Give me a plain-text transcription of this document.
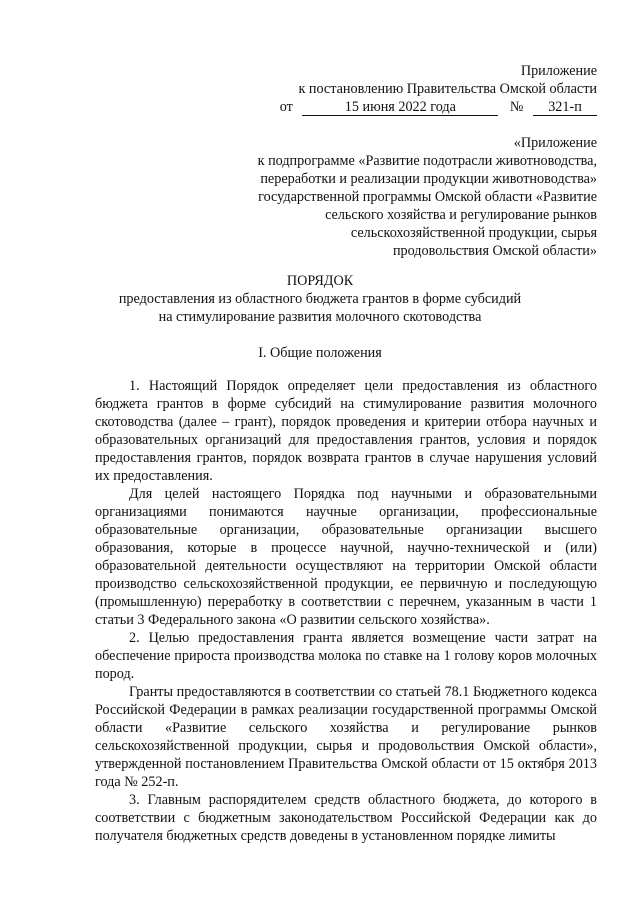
Приложение
к постановлению Правительства Омской области
от	15 июня 2022 года	№ 321-п
«Приложение
к подпрограмме «Развитие подотрасли животноводства,
переработки и реализации продукции животноводства»
государственной программы Омской области «Развитие
сельского хозяйства и регулирование рынков
сельскохозяйственной продукции, сырья
продовольствия Омской области»
ПОРЯДОК
предоставления из областного бюджета грантов в форме субсидий
на стимулирование развития молочного скотоводства
I. Общие положения

1. Настоящий Порядок определяет цели предоставления из областного бюджета грантов в форме субсидий на стимулирование развития молочного скотоводства (далее – грант), порядок проведения и критерии отбора научных и образовательных организаций для предоставления грантов, условия и порядок предоставления грантов, порядок возврата грантов в случае нарушения условий их предоставления.

Для целей настоящего Порядка под научными и образовательными организациями понимаются научные организации, профессиональные образовательные организации, образовательные организации высшего образования, которые в процессе научной, научно-технической и (или) образовательной деятельности осуществляют на территории Омской области производство сельскохозяйственной продукции, ее первичную и последующую (промышленную) переработку в соответствии с перечнем, указанным в части 1 статьи 3 Федерального закона «О развитии сельского хозяйства».

2. Целью предоставления гранта является возмещение части затрат на обеспечение прироста производства молока по ставке на 1 голову коров молочных пород.

Гранты предоставляются в соответствии со статьей 78.1 Бюджетного кодекса Российской Федерации в рамках реализации государственной программы Омской области «Развитие сельского хозяйства и регулирование рынков сельскохозяйственной продукции, сырья и продовольствия Омской области», утвержденной постановлением Правительства Омской области от 15 октября 2013 года № 252-п.

3. Главным распорядителем средств областного бюджета, до которого в соответствии с бюджетным законодательством Российской Федерации как до получателя бюджетных средств доведены в установленном порядке лимиты
